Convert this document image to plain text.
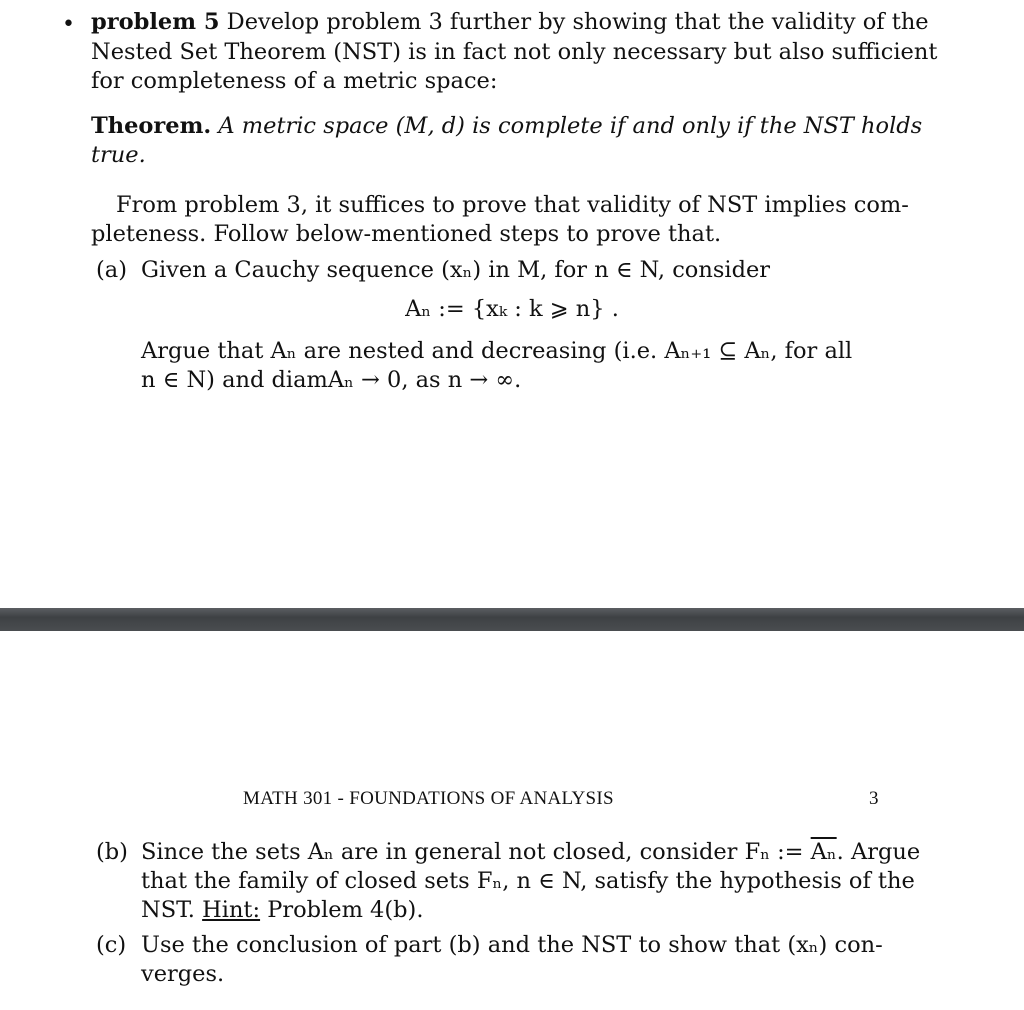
• problem 5 Develop problem 3 further by showing that the validity of the
Nested Set Theorem (NST) is in fact not only necessary but also sufficient
for completeness of a metric space:
Theorem. A metric space (M, d) is complete if and only if the NST holds
true.
From problem 3, it suffices to prove that validity of NST implies com-
pleteness. Follow below-mentioned steps to prove that.
(a) Given a Cauchy sequence (xₙ) in M, for n ∈ N, consider
Aₙ := {xₖ : k ⩾ n} .
Argue that Aₙ are nested and decreasing (i.e. Aₙ₊₁ ⊆ Aₙ, for all
n ∈ N) and diamAₙ → 0, as n → ∞.
MATH 301 - FOUNDATIONS OF ANALYSIS	3
(b) Since the sets Aₙ are in general not closed, consider Fₙ := $\overline{A_n}$. Argue
that the family of closed sets Fₙ, n ∈ N, satisfy the hypothesis of the
NST. Hint: Problem 4(b).
(c) Use the conclusion of part (b) and the NST to show that (xₙ) con-
verges.
